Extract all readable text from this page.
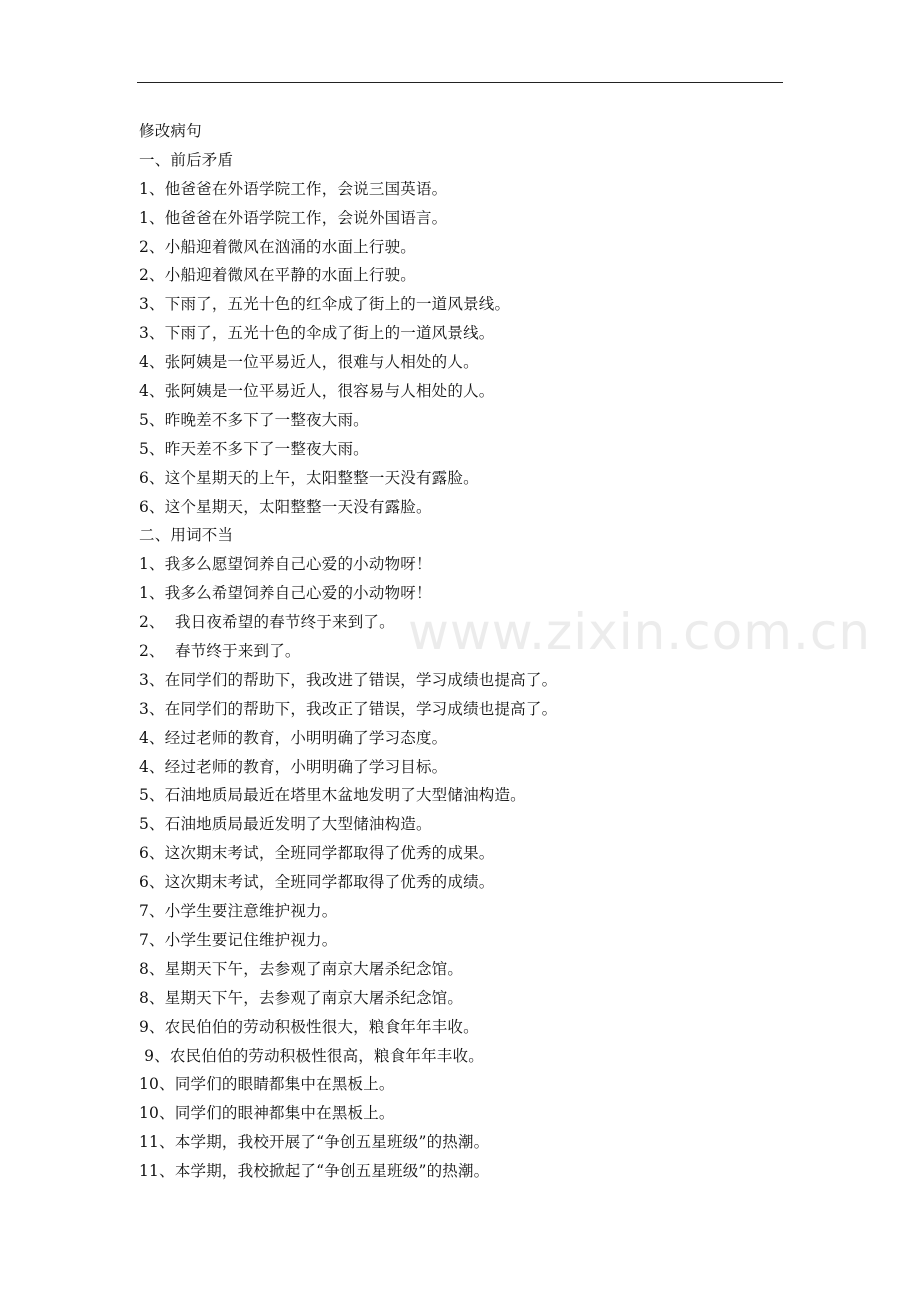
修改病句
一、前后矛盾
1、他爸爸在外语学院工作，会说三国英语。
1、他爸爸在外语学院工作，会说外国语言。
2、小船迎着微风在汹涌的水面上行驶。
2、小船迎着微风在平静的水面上行驶。
3、下雨了，五光十色的红伞成了街上的一道风景线。
3、下雨了，五光十色的伞成了街上的一道风景线。
4、张阿姨是一位平易近人，很难与人相处的人。
4、张阿姨是一位平易近人，很容易与人相处的人。
5、昨晚差不多下了一整夜大雨。
5、昨天差不多下了一整夜大雨。
6、这个星期天的上午，太阳整整一天没有露脸。
6、这个星期天，太阳整整一天没有露脸。
二、用词不当
1、我多么愿望饲养自己心爱的小动物呀！
1、我多么希望饲养自己心爱的小动物呀！
2、  我日夜希望的春节终于来到了。
2、  春节终于来到了。
3、在同学们的帮助下，我改进了错误，学习成绩也提高了。
3、在同学们的帮助下，我改正了错误，学习成绩也提高了。
4、经过老师的教育，小明明确了学习态度。
4、经过老师的教育，小明明确了学习目标。
5、石油地质局最近在塔里木盆地发明了大型储油构造。
5、石油地质局最近发明了大型储油构造。
6、这次期末考试，全班同学都取得了优秀的成果。
6、这次期末考试，全班同学都取得了优秀的成绩。
7、小学生要注意维护视力。
7、小学生要记住维护视力。
8、星期天下午，去参观了南京大屠杀纪念馆。
8、星期天下午，去参观了南京大屠杀纪念馆。
9、农民伯伯的劳动积极性很大，粮食年年丰收。
9、农民伯伯的劳动积极性很高，粮食年年丰收。
10、同学们的眼睛都集中在黑板上。
10、同学们的眼神都集中在黑板上。
11、本学期，我校开展了“争创五星班级”的热潮。
11、本学期，我校掀起了“争创五星班级”的热潮。
www.zixin.com.cn
